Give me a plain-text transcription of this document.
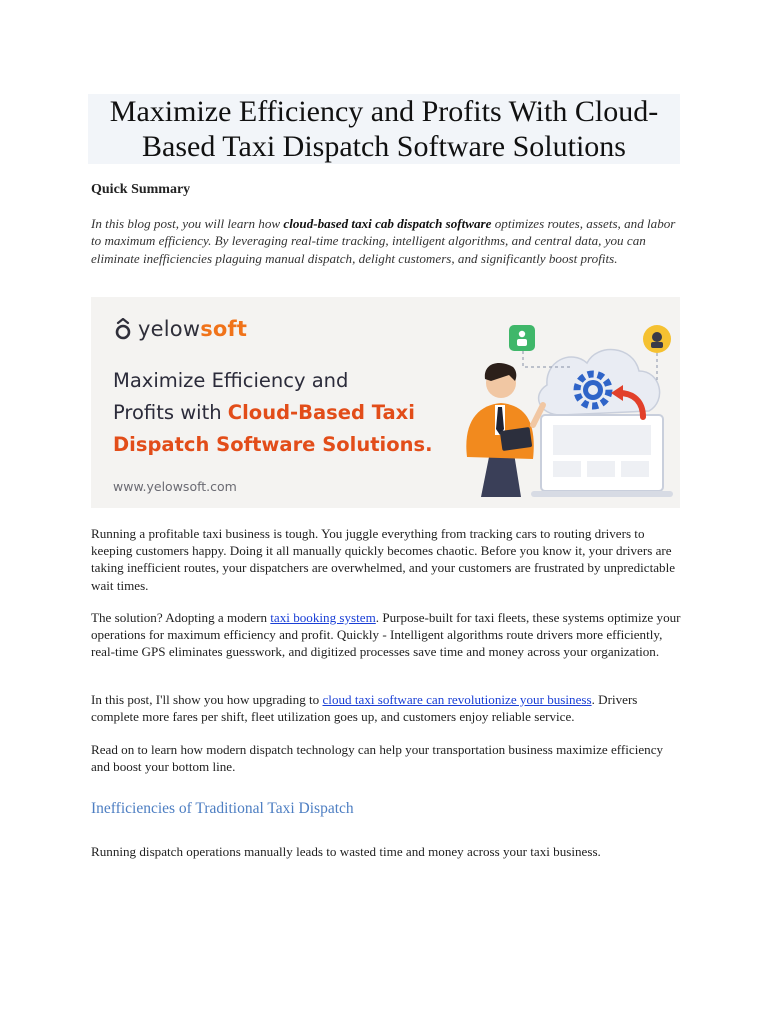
Maximize Efficiency and Profits With Cloud-Based Taxi Dispatch Software Solutions
Quick Summary

In this blog post, you will learn how cloud-based taxi cab dispatch software optimizes routes, assets, and labor to maximum efficiency. By leveraging real-time tracking, intelligent algorithms, and central data, you can eliminate inefficiencies plaguing manual dispatch, delight customers, and significantly boost profits.

yelow soft
Maximize Efficiency and
Profits with Cloud-Based Taxi
Dispatch Software Solutions.
www.yelowsoft.com

Running a profitable taxi business is tough. You juggle everything from tracking cars to routing drivers to keeping customers happy. Doing it all manually quickly becomes chaotic. Before you know it, your drivers are taking inefficient routes, your dispatchers are overwhelmed, and your customers are frustrated by unpredictable wait times.

The solution? Adopting a modern taxi booking system. Purpose-built for taxi fleets, these systems optimize your operations for maximum efficiency and profit. Quickly - Intelligent algorithms route drivers more efficiently, real-time GPS eliminates guesswork, and digitized processes save time and money across your organization.

In this post, I'll show you how upgrading to cloud taxi software can revolutionize your business. Drivers complete more fares per shift, fleet utilization goes up, and customers enjoy reliable service.

Read on to learn how modern dispatch technology can help your transportation business maximize efficiency and boost your bottom line.

Inefficiencies of Traditional Taxi Dispatch

Running dispatch operations manually leads to wasted time and money across your taxi business.
